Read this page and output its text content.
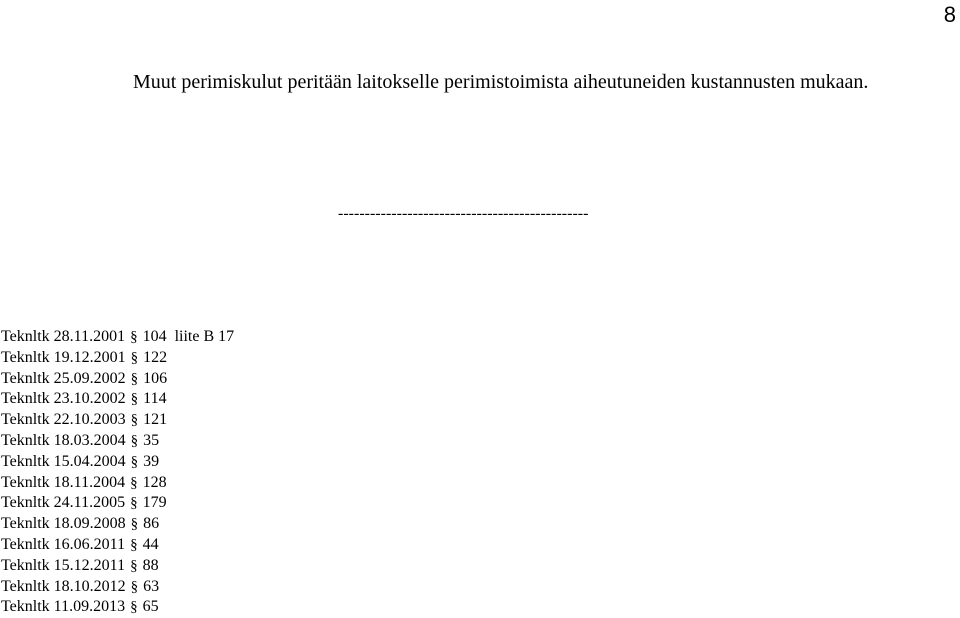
8

Muut perimiskulut peritään laitokselle perimistoimista aiheutuneiden kustannusten mukaan.

-----------------------------------------------
Teknltk 28.11.2001 § 104 liite B 17
Teknltk 19.12.2001 § 122
Teknltk 25.09.2002 § 106
Teknltk 23.10.2002 § 114
Teknltk 22.10.2003 § 121
Teknltk 18.03.2004 § 35
Teknltk 15.04.2004 § 39
Teknltk 18.11.2004 § 128
Teknltk 24.11.2005 § 179
Teknltk 18.09.2008 § 86
Teknltk 16.06.2011 § 44
Teknltk 15.12.2011 § 88
Teknltk 18.10.2012 § 63
Teknltk 11.09.2013 § 65
